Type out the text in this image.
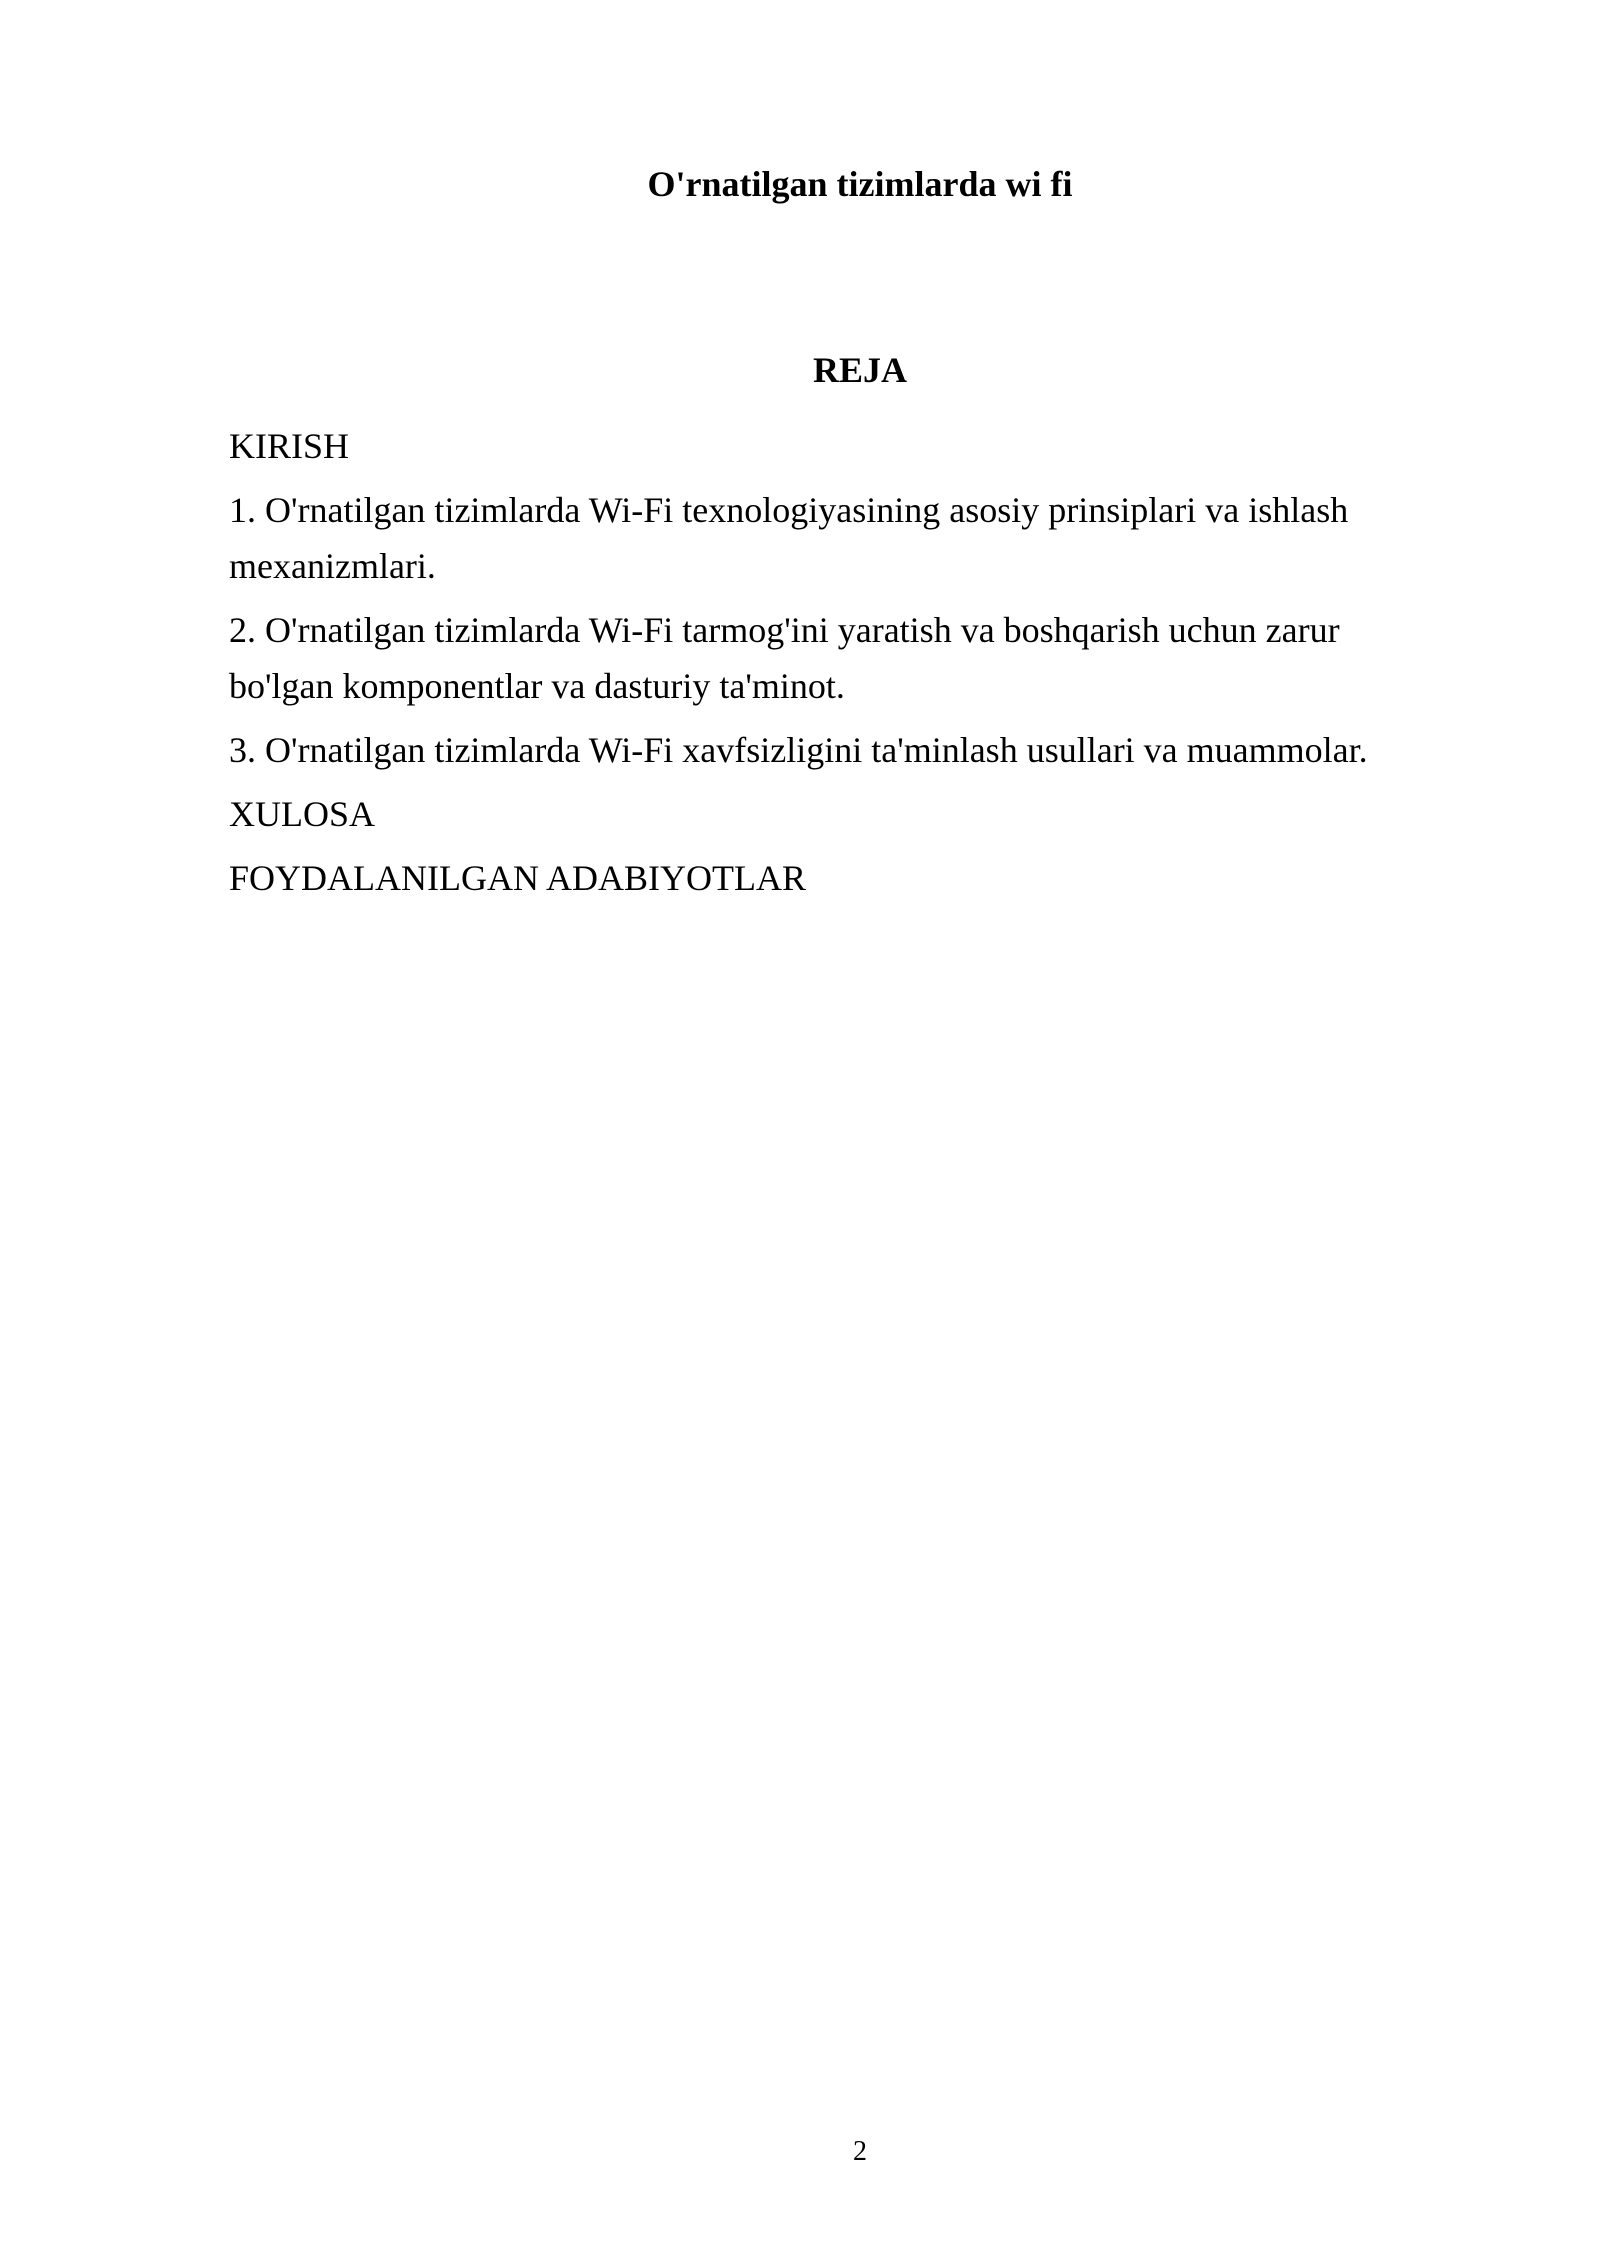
O'rnatilgan tizimlarda wi fi
REJA
KIRISH
1. O'rnatilgan tizimlarda Wi-Fi texnologiyasining asosiy prinsiplari va ishlash mexanizmlari.
2. O'rnatilgan tizimlarda Wi-Fi tarmog'ini yaratish va boshqarish uchun zarur bo'lgan komponentlar va dasturiy ta'minot.
3. O'rnatilgan tizimlarda Wi-Fi xavfsizligini ta'minlash usullari va muammolar.
XULOSA
FOYDALANILGAN ADABIYOTLAR
2
